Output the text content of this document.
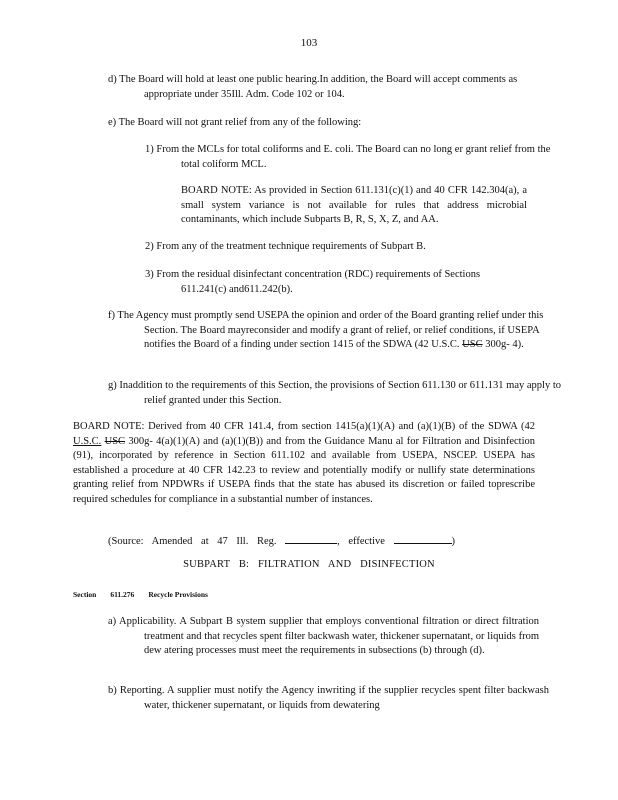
103
d) The Board will hold at least one public hearing.In addition, the Board will accept comments as appropriate under 35Ill. Adm. Code 102 or 104.
e) The Board will not grant relief from any of the following:
1) From the MCLs for total coliforms and E. coli. The Board can no long er grant relief from the total coliform MCL.
BOARD NOTE: As provided in Section 611.131(c)(1) and 40 CFR 142.304(a), a small system variance is not available for rules that address microbial contaminants, which include Subparts B, R, S, X, Z, and AA.
2) From any of the treatment technique requirements of Subpart B.
3) From the residual disinfectant concentration (RDC) requirements of Sections 611.241(c) and611.242(b).
f) The Agency must promptly send USEPA the opinion and order of the Board granting relief under this Section. The Board mayreconsider and modify a grant of relief, or relief conditions, if USEPA notifies the Board of a finding under section 1415 of the SDWA (42 U.S.C. USC 300g- 4).
g) Inaddition to the requirements of this Section, the provisions of Section 611.130 or 611.131 may apply to relief granted under this Section.
BOARD NOTE: Derived from 40 CFR 141.4, from section 1415(a)(1)(A) and (a)(1)(B) of the SDWA (42 U.S.C. USC 300g- 4(a)(1)(A) and (a)(1)(B)) and from the Guidance Manu al for Filtration and Disinfection (91), incorporated by reference in Section 611.102 and available from USEPA, NSCEP. USEPA has established a procedure at 40 CFR 142.23 to review and potentially modify or nullify state determinations granting relief from NPDWRs if USEPA finds that the state has abused its discretion or failed toprescribe required schedules for compliance in a substantial number of instances.
(Source: Amended at 47 Ill. Reg.	, effective	)
SUBPART B: FILTRATION AND DISINFECTION
Section 611.276 Recycle Provisions
a) Applicability. A Subpart B system supplier that employs conventional filtration or direct filtration treatment and that recycles spent filter backwash water, thickener supernatant, or liquids from dew atering processes must meet the requirements in subsections (b) through (d).
b) Reporting. A supplier must notify the Agency inwriting if the supplier recycles spent filter backwash water, thickener supernatant, or liquids from dewatering
